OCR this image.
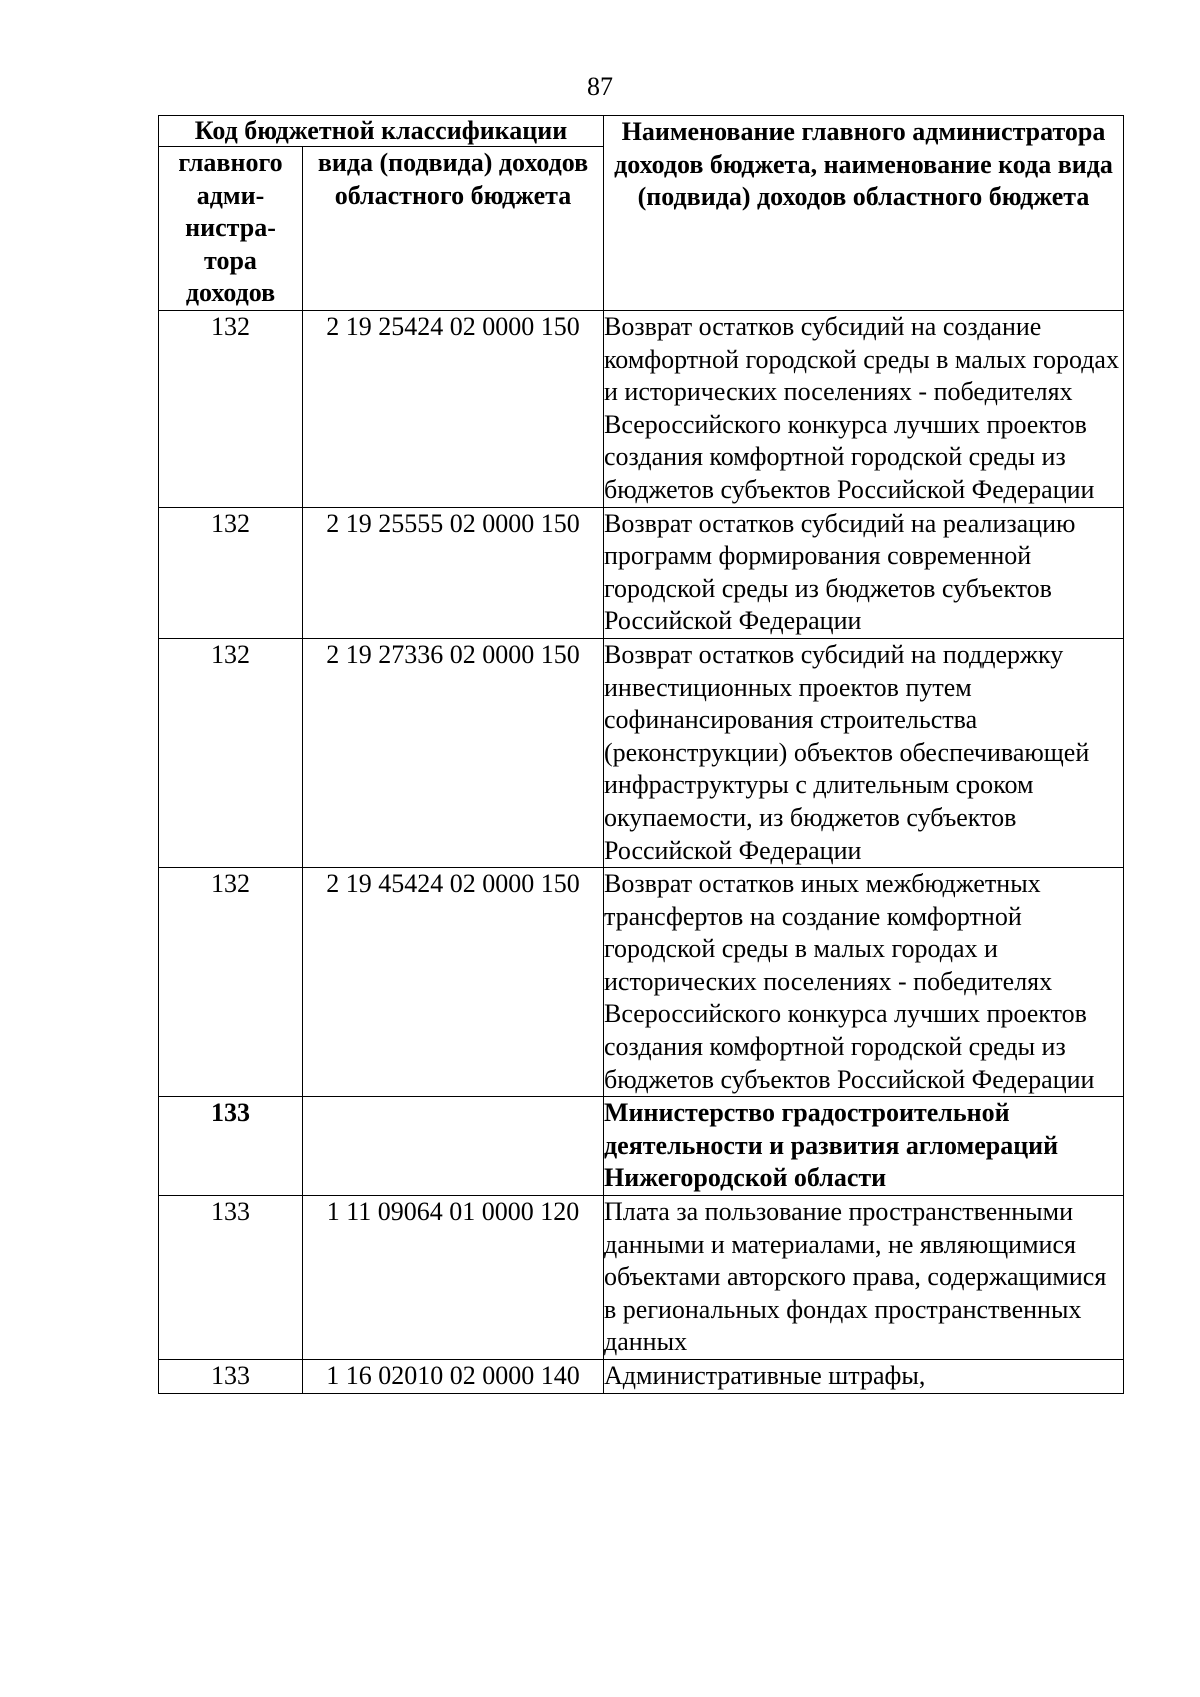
87
Код бюджетной классификации		Наименование главного администратора доходов бюджета, наименование кода вида (подвида) доходов областного бюджета
главного адми-нистра-тора доходов	вида (подвида) доходов областного бюджета	
132	2 19 25424 02 0000 150	Возврат остатков субсидий на создание комфортной городской среды в малых городах и исторических поселениях - победителях Всероссийского конкурса лучших проектов создания комфортной городской среды из бюджетов субъектов Российской Федерации
132	2 19 25555 02 0000 150	Возврат остатков субсидий на реализацию программ формирования современной городской среды из бюджетов субъектов Российской Федерации
132	2 19 27336 02 0000 150	Возврат остатков субсидий на поддержку инвестиционных проектов путем софинансирования строительства (реконструкции) объектов обеспечивающей инфраструктуры с длительным сроком окупаемости, из бюджетов субъектов Российской Федерации
132	2 19 45424 02 0000 150	Возврат остатков иных межбюджетных трансфертов на создание комфортной городской среды в малых городах и исторических поселениях - победителях Всероссийского конкурса лучших проектов создания комфортной городской среды из бюджетов субъектов Российской Федерации
133		Министерство градостроительной деятельности и развития агломераций Нижегородской области
133	1 11 09064 01 0000 120	Плата за пользование пространственными данными и материалами, не являющимися объектами авторского права, содержащимися в региональных фондах пространственных данных
133	1 16 02010 02 0000 140	Административные штрафы,
